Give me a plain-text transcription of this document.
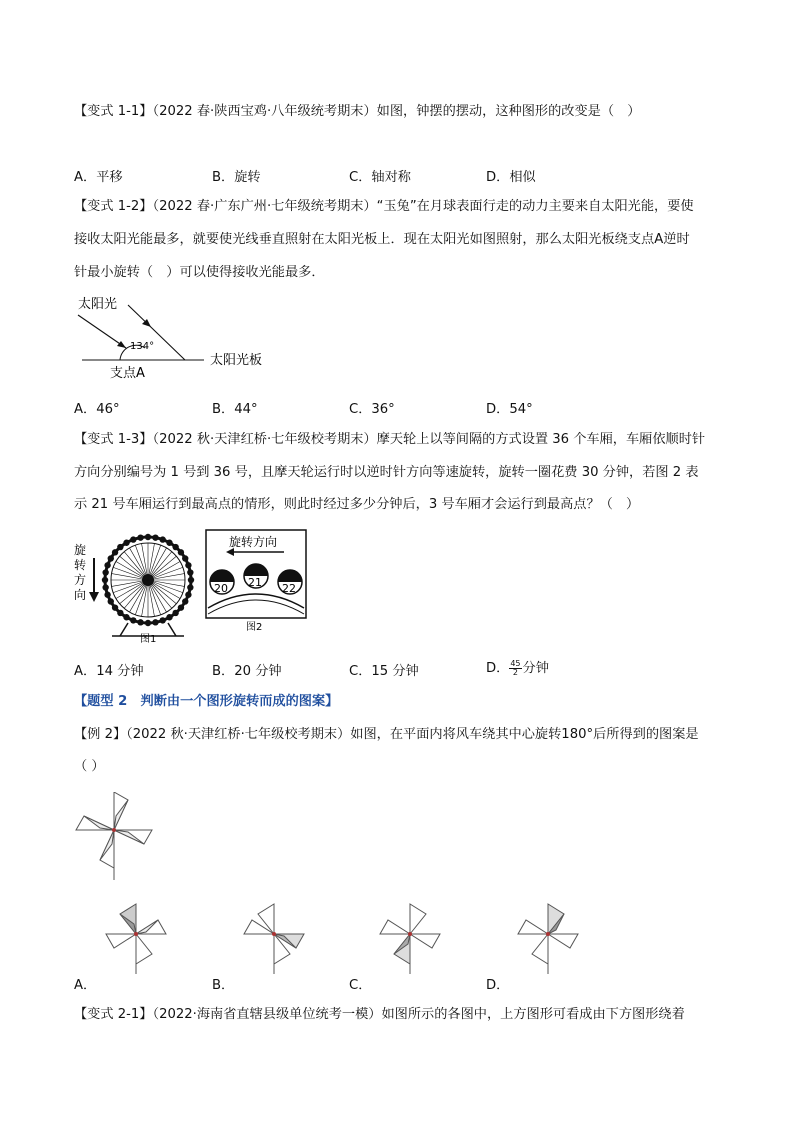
【变式 1-1】（2022 春·陕西宝鸡·八年级统考期末）如图，钟摆的摆动，这种图形的改变是（　）
A．平移	B．旋转	C．轴对称	D．相似
【变式 1-2】（2022 春·广东广州·七年级统考期末）“玉兔”在月球表面行走的动力主要来自太阳光能，要使
接收太阳光能最多，就要使光线垂直照射在太阳光板上．现在太阳光如图照射，那么太阳光板绕支点A逆时
针最小旋转（　）可以使得接收光能最多．
太阳光
134°
太阳光板
支点A
A．46°	B．44°	C．36°	D．54°
【变式 1-3】（2022 秋·天津红桥·七年级校考期末）摩天轮上以等间隔的方式设置 36 个车厢，车厢依顺时针
方向分别编号为 1 号到 36 号，且摩天轮运行时以逆时针方向等速旋转，旋转一圈花费 30 分钟，若图 2 表
示 21 号车厢运行到最高点的情形，则此时经过多少分钟后，3 号车厢才会运行到最高点？（　）
旋
转
方
向
图1
旋转方向
20 21 22
图2
A．14 分钟	B．20 分钟	C．15 分钟	D． $\frac{45}{2}$ 分钟
【题型 2　判断由一个图形旋转而成的图案】
【例 2】（2022 秋·天津红桥·七年级校考期末）如图，在平面内将风车绕其中心旋转180°后所得到的图案是
（ ）
A．	B．	C．	D．
【变式 2-1】（2022·海南省直辖县级单位统考一模）如图所示的各图中，上方图形可看成由下方图形绕着
